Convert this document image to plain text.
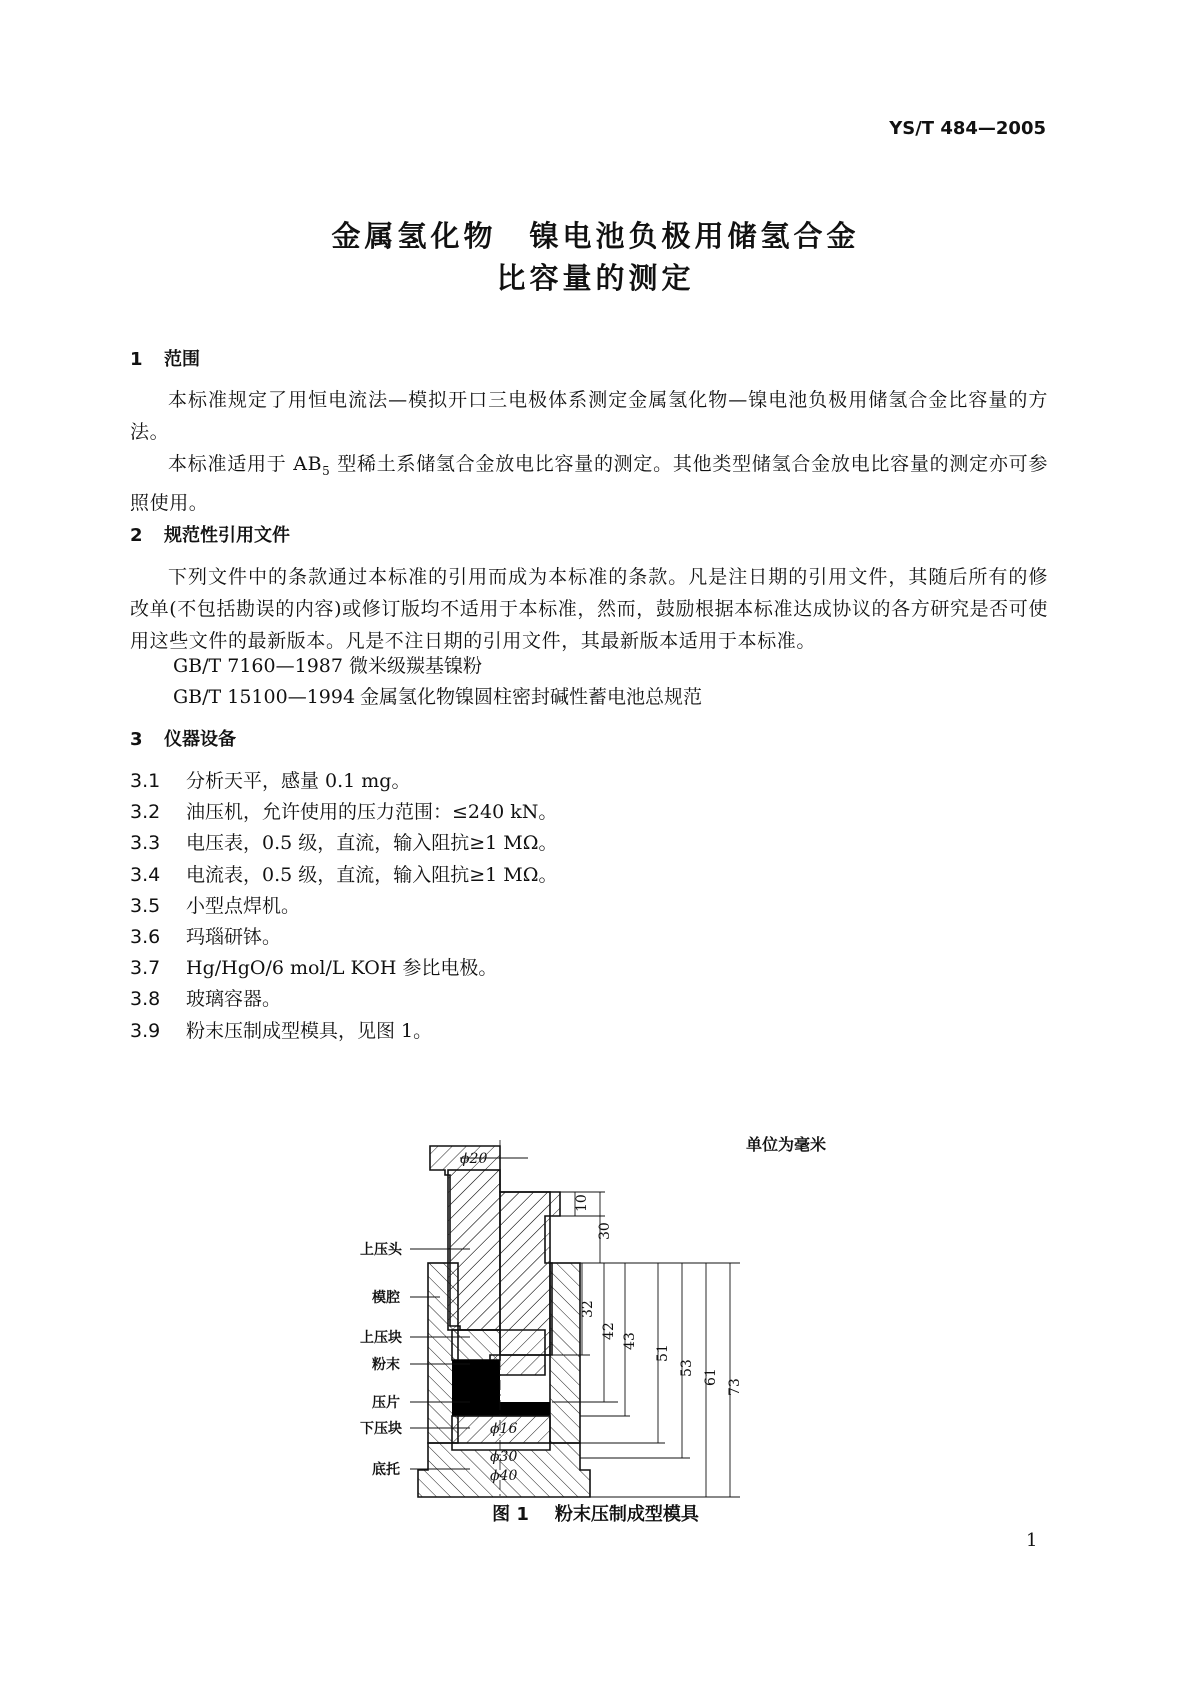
YS/T 484—2005
金属氢化物　镍电池负极用储氢合金
比容量的测定
1 范围

本标准规定了用恒电流法—模拟开口三电极体系测定金属氢化物—镍电池负极用储氢合金比容量的方法。

本标准适用于 $AB_5$ 型稀土系储氢合金放电比容量的测定。其他类型储氢合金放电比容量的测定亦可参照使用。

2 规范性引用文件

下列文件中的条款通过本标准的引用而成为本标准的条款。凡是注日期的引用文件，其随后所有的修改单(不包括勘误的内容)或修订版均不适用于本标准，然而，鼓励根据本标准达成协议的各方研究是否可使用这些文件的最新版本。凡是不注日期的引用文件，其最新版本适用于本标准。

GB/T 7160—1987 微米级羰基镍粉
GB/T 15100—1994 金属氢化物镍圆柱密封碱性蓄电池总规范
3 仪器设备
3.1 分析天平，感量 0.1 mg。
3.2 油压机，允许使用的压力范围：≤240 kN。
3.3 电压表，0.5 级，直流，输入阻抗≥1 MΩ。
3.4 电流表，0.5 级，直流，输入阻抗≥1 MΩ。
3.5 小型点焊机。
3.6 玛瑙研钵。
3.7 Hg/HgO/6 mol/L KOH 参比电极。
3.8 玻璃容器。
3.9 粉末压制成型模具，见图 1。
单位为毫米
上压头
模腔
上压块
粉末
压片
下压块
底托
ϕ20
ϕ16
ϕ30
ϕ40
10
30
32
42
43
51
53
61
73
图 1 粉末压制成型模具
1
